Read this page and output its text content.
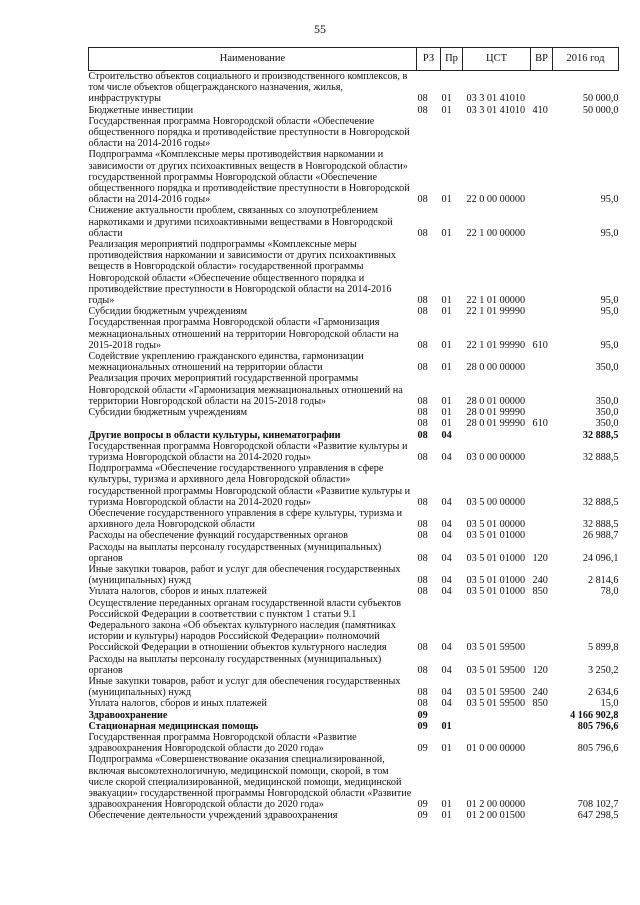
55
Наименование	РЗ	Пр	ЦСТ	ВР	2016 год
Строительство объектов социального и производственного комплексов, в том числе объектов общегражданского назначения, жилья, инфраструктуры	08	01	03 3 01 41010		50 000,0
Бюджетные инвестиции	08	01	03 3 01 41010	410	50 000,0
Государственная программа Новгородской области «Обеспечение общественного порядка и противодействие преступности в Новгородской области на 2014-2016 годы»					
Подпрограмма «Комплексные меры противодействия наркомании и зависимости от других психоактивных веществ в Новгородской области» государственной программы Новгородской области «Обеспечение общественного порядка и противодействие преступности в Новгородской области на 2014-2016 годы»	08	01	22 0 00 00000		95,0
Снижение актуальности проблем, связанных со злоупотреблением наркотиками и другими психоактивными веществами в Новгородской области	08	01	22 1 00 00000		95,0
Реализация мероприятий подпрограммы «Комплексные меры противодействия наркомании и зависимости от других психоактивных веществ в Новгородской области» государственной программы Новгородской области «Обеспечение общественного порядка и противодействие преступности в Новгородской области на 2014-2016 годы»	08	01	22 1 01 00000		95,0
Субсидии бюджетным учреждениям	08	01	22 1 01 99990		95,0
Государственная программа Новгородской области «Гармонизация межнациональных отношений на территории Новгородской области на 2015-2018 годы»	08	01	22 1 01 99990	610	95,0
Содействие укреплению гражданского единства, гармонизации межнациональных отношений на территории области	08	01	28 0 00 00000		350,0
Реализация прочих мероприятий государственной программы Новгородской области «Гармонизация межнациональных отношений на территории Новгородской области на 2015-2018 годы»	08	01	28 0 01 00000		350,0
Субсидии бюджетным учреждениям	08	01	28 0 01 99990		350,0
	08	01	28 0 01 99990	610	350,0
Другие вопросы в области культуры, кинематографии	08	04			32 888,5
Государственная программа Новгородской области «Развитие культуры и туризма Новгородской области на 2014-2020 годы»	08	04	03 0 00 00000		32 888,5
Подпрограмма «Обеспечение государственного управления в сфере культуры, туризма и архивного дела Новгородской области» государственной программы Новгородской области «Развитие культуры и туризма Новгородской области на 2014-2020 годы»	08	04	03 5 00 00000		32 888,5
Обеспечение государственного управления в сфере культуры, туризма и архивного дела Новгородской области	08	04	03 5 01 00000		32 888,5
Расходы на обеспечение функций государственных органов	08	04	03 5 01 01000		26 988,7
Расходы на выплаты персоналу государственных (муниципальных) органов	08	04	03 5 01 01000	120	24 096,1
Иные закупки товаров, работ и услуг для обеспечения государственных (муниципальных) нужд	08	04	03 5 01 01000	240	2 814,6
Уплата налогов, сборов и иных платежей	08	04	03 5 01 01000	850	78,0
Осуществление переданных органам государственной власти субъектов Российской Федерации в соответствии с пунктом 1 статьи 9.1 Федерального закона «Об объектах культурного наследия (памятниках истории и культуры) народов Российской Федерации» полномочий Российской Федерации в отношении объектов культурного наследия	08	04	03 5 01 59500		5 899,8
Расходы на выплаты персоналу государственных (муниципальных) органов	08	04	03 5 01 59500	120	3 250,2
Иные закупки товаров, работ и услуг для обеспечения государственных (муниципальных) нужд	08	04	03 5 01 59500	240	2 634,6
Уплата налогов, сборов и иных платежей	08	04	03 5 01 59500	850	15,0
Здравоохранение	09				4 166 902,8
Стационарная медицинская помощь	09	01			805 796,6
Государственная программа Новгородской области «Развитие здравоохранения Новгородской области до 2020 года»	09	01	01 0 00 00000		805 796,6
Подпрограмма «Совершенствование оказания специализированной, включая высокотехнологичную, медицинской помощи, скорой, в том числе скорой специализированной, медицинской помощи, медицинской эвакуации» государственной программы Новгородской области «Развитие здравоохранения Новгородской области до 2020 года»	09	01	01 2 00 00000		708 102,7
Обеспечение деятельности учреждений здравоохранения	09	01	01 2 00 01500		647 298,5
